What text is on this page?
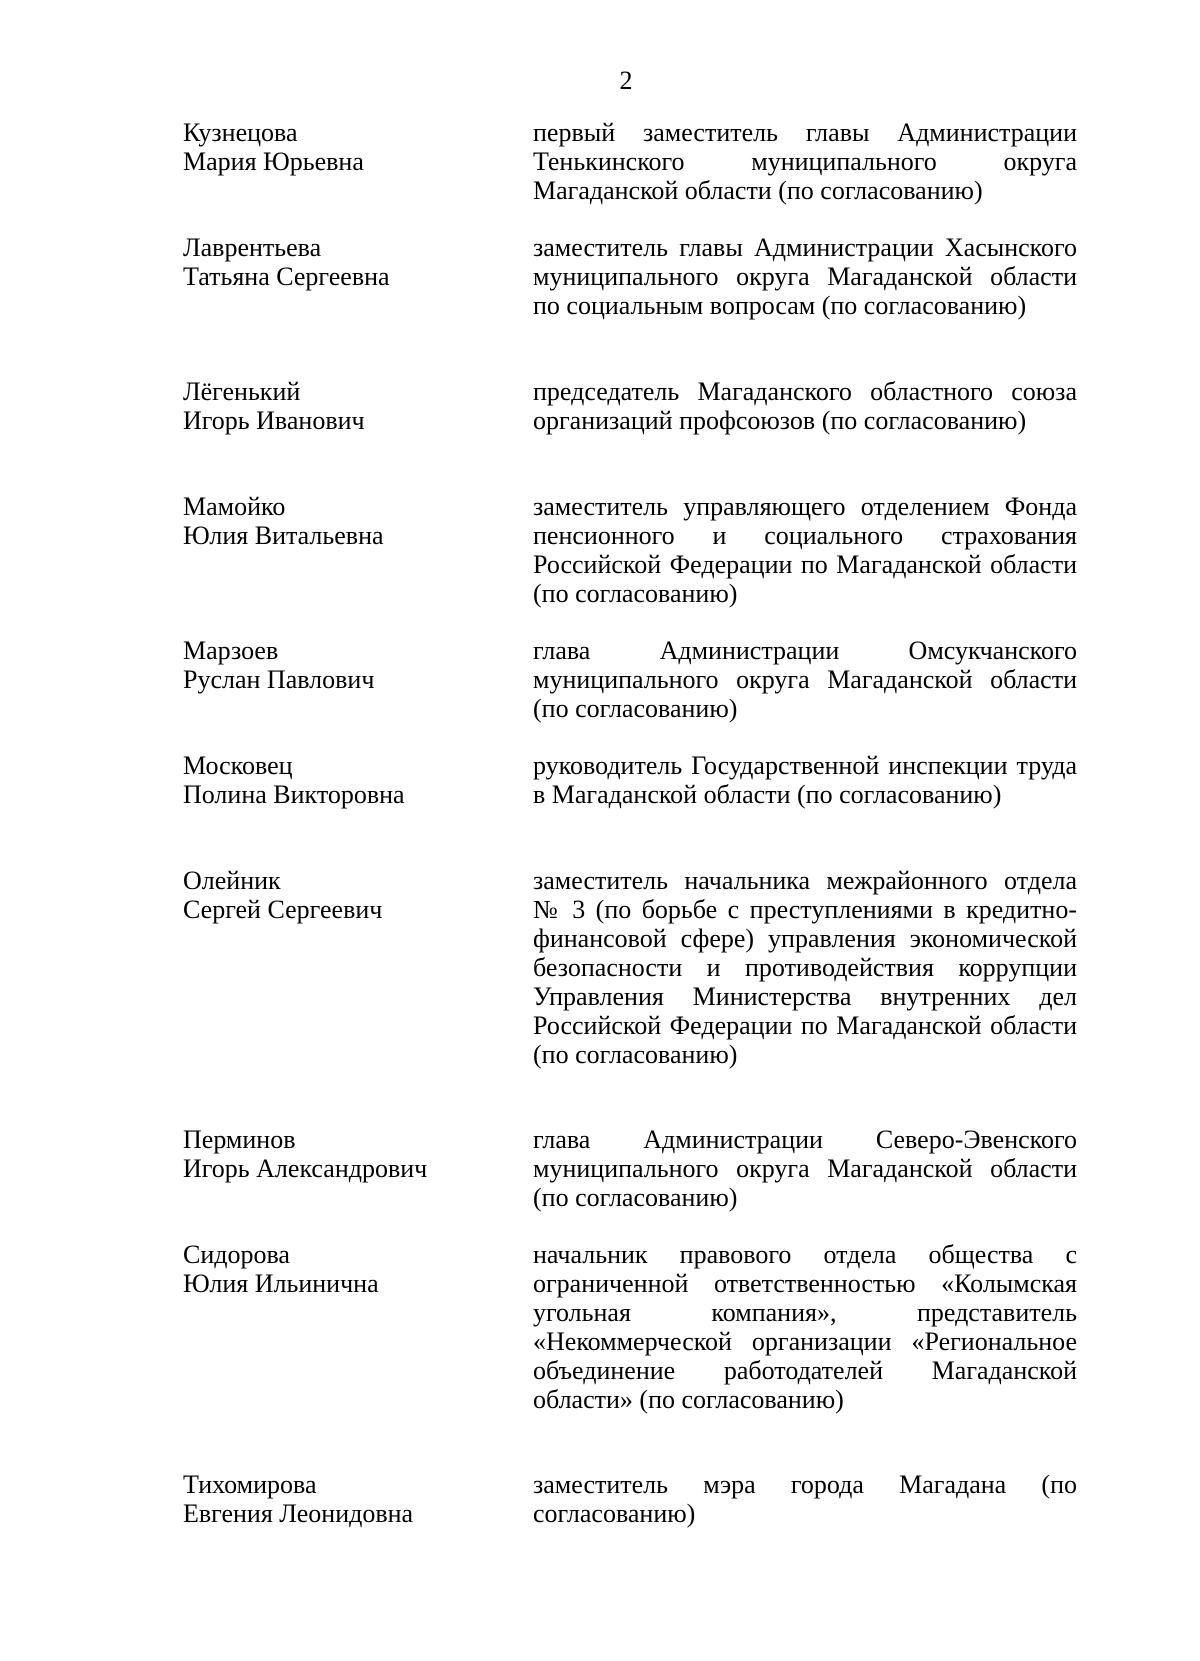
2
Кузнецова
Мария Юрьевна
первый заместитель главы Администрации Тенькинского муниципального округа Магаданской области (по согласованию)
Лаврентьева
Татьяна Сергеевна
заместитель главы Администрации Хасынского муниципального округа Магаданской области по социальным вопросам (по согласованию)
Лёгенький
Игорь Иванович
председатель Магаданского областного союза организаций профсоюзов (по согласованию)
Мамойко
Юлия Витальевна
заместитель управляющего отделением Фонда пенсионного и социального страхования Российской Федерации по Магаданской области (по согласованию)
Марзоев
Руслан Павлович
глава Администрации Омсукчанского муниципального округа Магаданской области (по согласованию)
Московец
Полина Викторовна
руководитель Государственной инспекции труда в Магаданской области (по согласованию)
Олейник
Сергей Сергеевич
заместитель начальника межрайонного отдела № 3 (по борьбе с преступлениями в кредитно-финансовой сфере) управления экономической безопасности и противодействия коррупции Управления Министерства внутренних дел Российской Федерации по Магаданской области (по согласованию)
Перминов
Игорь Александрович
глава Администрации Северо-Эвенского муниципального округа Магаданской области (по согласованию)
Сидорова
Юлия Ильинична
начальник правового отдела общества с ограниченной ответственностью «Колымская угольная компания», представитель «Некоммерческой организации «Региональное объединение работодателей Магаданской области» (по согласованию)
Тихомирова
Евгения Леонидовна
заместитель мэра города Магадана (по согласованию)
